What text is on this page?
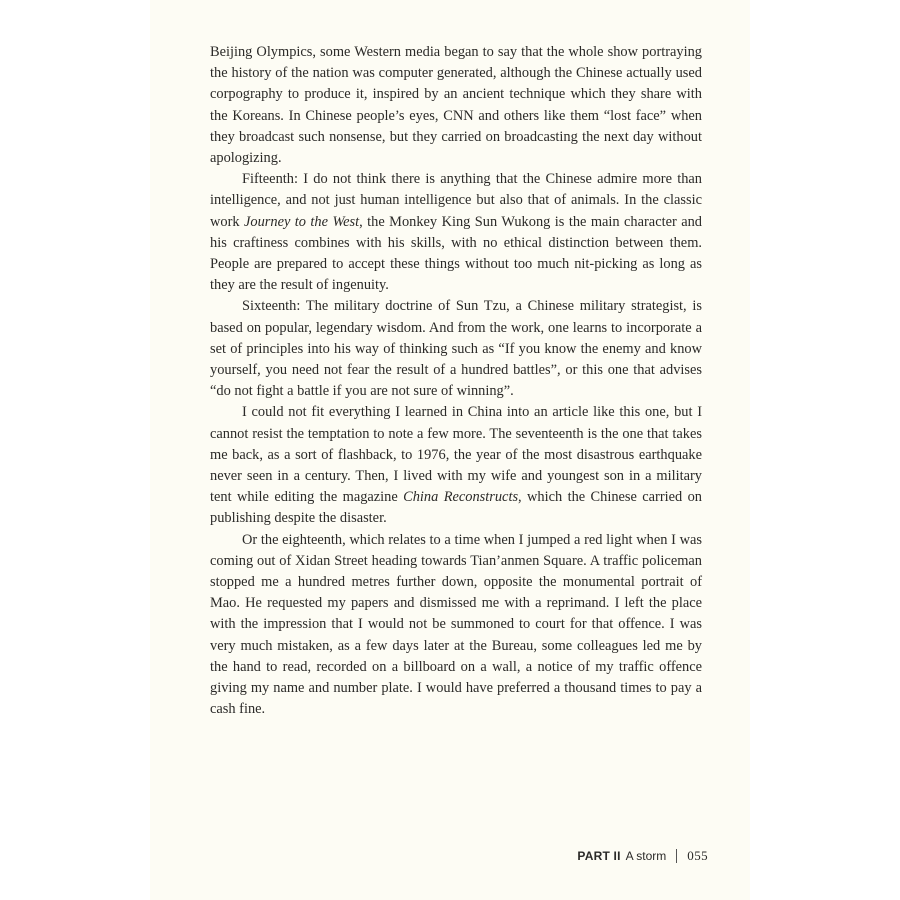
Beijing Olympics, some Western media began to say that the whole show portraying the history of the nation was computer generated, although the Chinese actually used corpography to produce it, inspired by an ancient technique which they share with the Koreans. In Chinese people’s eyes, CNN and others like them “lost face” when they broadcast such nonsense, but they carried on broadcasting the next day without apologizing.

Fifteenth: I do not think there is anything that the Chinese admire more than intelligence, and not just human intelligence but also that of animals. In the classic work Journey to the West, the Monkey King Sun Wukong is the main character and his craftiness combines with his skills, with no ethical distinction between them. People are prepared to accept these things without too much nit-picking as long as they are the result of ingenuity.

Sixteenth: The military doctrine of Sun Tzu, a Chinese military strategist, is based on popular, legendary wisdom. And from the work, one learns to incorporate a set of principles into his way of thinking such as “If you know the enemy and know yourself, you need not fear the result of a hundred battles”, or this one that advises “do not fight a battle if you are not sure of winning”.

I could not fit everything I learned in China into an article like this one, but I cannot resist the temptation to note a few more. The seventeenth is the one that takes me back, as a sort of flashback, to 1976, the year of the most disastrous earthquake never seen in a century. Then, I lived with my wife and youngest son in a military tent while editing the magazine China Reconstructs, which the Chinese carried on publishing despite the disaster.

Or the eighteenth, which relates to a time when I jumped a red light when I was coming out of Xidan Street heading towards Tian’anmen Square. A traffic policeman stopped me a hundred metres further down, opposite the monumental portrait of Mao. He requested my papers and dismissed me with a reprimand. I left the place with the impression that I would not be summoned to court for that offence. I was very much mistaken, as a few days later at the Bureau, some colleagues led me by the hand to read, recorded on a billboard on a wall, a notice of my traffic offence giving my name and number plate. I would have preferred a thousand times to pay a cash fine.

PART II A storm 055
